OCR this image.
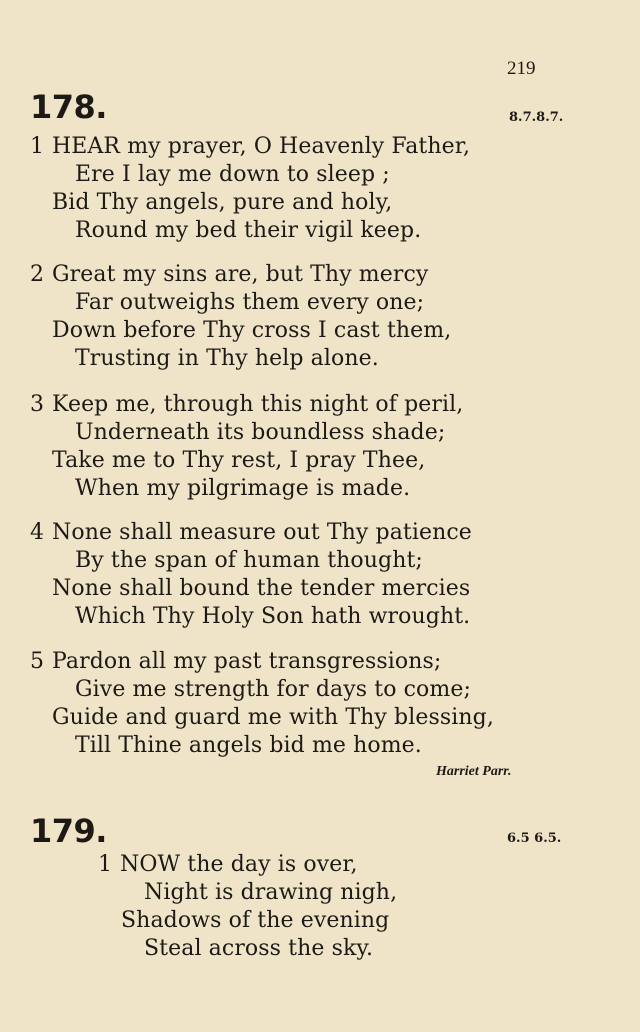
219
178.	8.7.8.7.
1 HEAR my prayer, O Heavenly Father,
Ere I lay me down to sleep ;
Bid Thy angels, pure and holy,
Round my bed their vigil keep.
2 Great my sins are, but Thy mercy
Far outweighs them every one;
Down before Thy cross I cast them,
Trusting in Thy help alone.
3 Keep me, through this night of peril,
Underneath its boundless shade;
Take me to Thy rest, I pray Thee,
When my pilgrimage is made.
4 None shall measure out Thy patience
By the span of human thought;
None shall bound the tender mercies
Which Thy Holy Son hath wrought.
5 Pardon all my past transgressions;
Give me strength for days to come;
Guide and guard me with Thy blessing,
Till Thine angels bid me home.
Harriet Parr.
179.	6.5 6.5.
1 NOW the day is over,
Night is drawing nigh,
Shadows of the evening
Steal across the sky.
